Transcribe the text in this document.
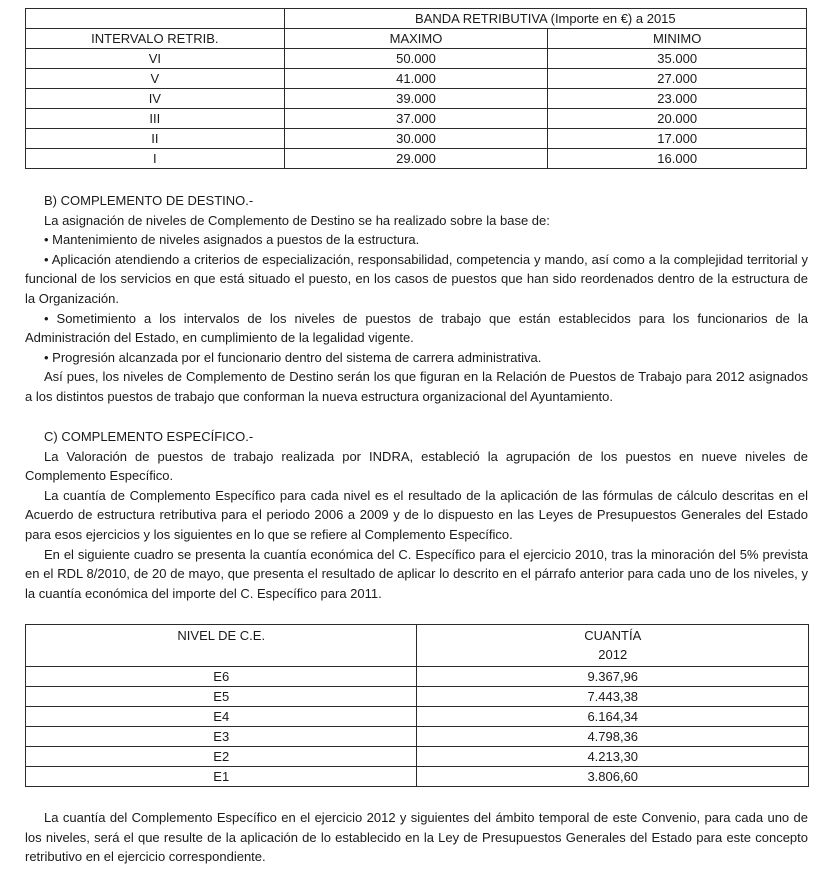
	BANDA RETRIBUTIVA (Importe en €) a 2015	
INTERVALO RETRIB.	MAXIMO	MINIMO
VI	50.000	35.000
V	41.000	27.000
IV	39.000	23.000
III	37.000	20.000
II	30.000	17.000
I	29.000	16.000

B) COMPLEMENTO DE DESTINO.-

La asignación de niveles de Complemento de Destino se ha realizado sobre la base de:

• Mantenimiento de niveles asignados a puestos de la estructura.

• Aplicación atendiendo a criterios de especialización, responsabilidad, competencia y mando, así como a la complejidad territorial y funcional de los servicios en que está situado el puesto, en los casos de puestos que han sido reordenados dentro de la estructura de la Organización.

• Sometimiento a los intervalos de los niveles de puestos de trabajo que están establecidos para los funcionarios de la Administración del Estado, en cumplimiento de la legalidad vigente.

• Progresión alcanzada por el funcionario dentro del sistema de carrera administrativa.

Así pues, los niveles de Complemento de Destino serán los que figuran en la Relación de Puestos de Trabajo para 2012 asignados a los distintos puestos de trabajo que conforman la nueva estructura organizacional del Ayuntamiento.

C) COMPLEMENTO ESPECÍFICO.-

La Valoración de puestos de trabajo realizada por INDRA, estableció la agrupación de los puestos en nueve niveles de Complemento Específico.

La cuantía de Complemento Específico para cada nivel es el resultado de la aplicación de las fórmulas de cálculo descritas en el Acuerdo de estructura retributiva para el periodo 2006 a 2009 y de lo dispuesto en las Leyes de Presupuestos Generales del Estado para esos ejercicios y los siguientes en lo que se refiere al Complemento Específico.

En el siguiente cuadro se presenta la cuantía económica del C. Específico para el ejercicio 2010, tras la minoración del 5% prevista en el RDL 8/2010, de 20 de mayo, que presenta el resultado de aplicar lo descrito en el párrafo anterior para cada uno de los niveles, y la cuantía económica del importe del C. Específico para 2011.

NIVEL DE C.E.	CUANTÍA
2012
E6	9.367,96
E5	7.443,38
E4	6.164,34
E3	4.798,36
E2	4.213,30
E1	3.806,60

La cuantía del Complemento Específico en el ejercicio 2012 y siguientes del ámbito temporal de este Convenio, para cada uno de los niveles, será el que resulte de la aplicación de lo establecido en la Ley de Presupuestos Generales del Estado para este concepto retributivo en el ejercicio correspondiente.
